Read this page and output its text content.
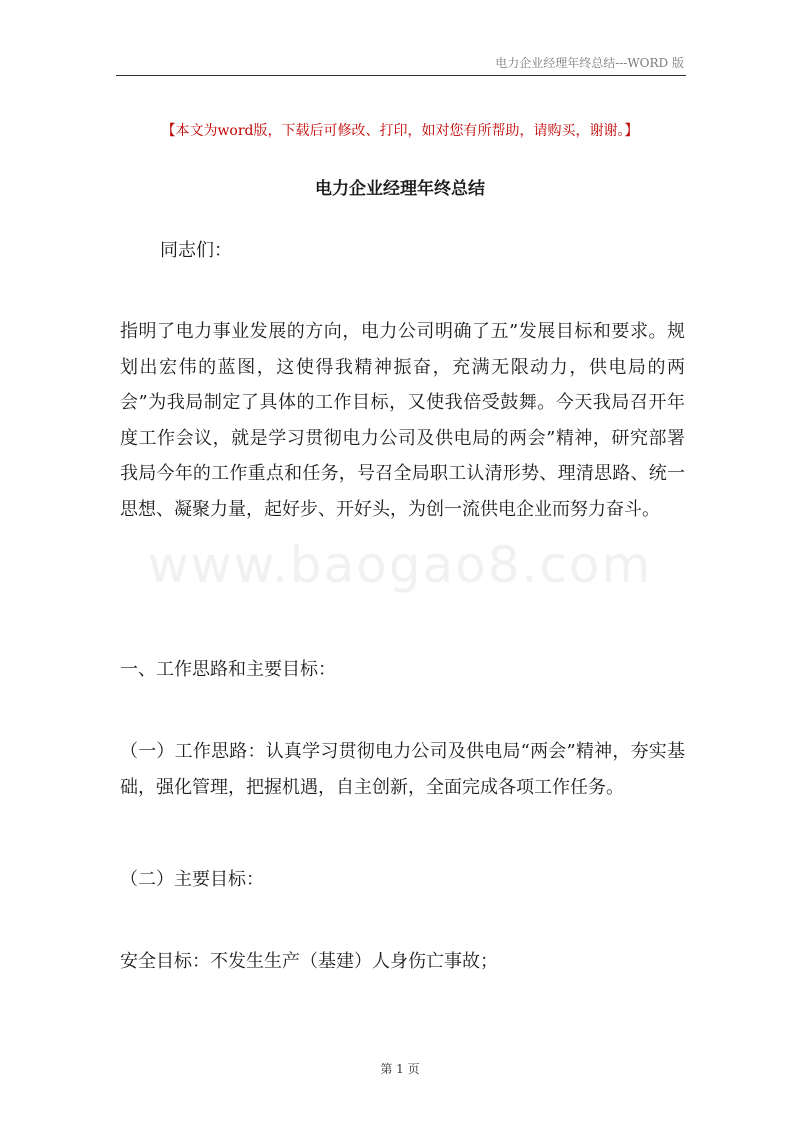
电力企业经理年终总结---WORD 版
【本文为word版，下载后可修改、打印，如对您有所帮助，请购买，谢谢。】
电力企业经理年终总结
同志们：
指明了电力事业发展的方向，电力公司明确了五”发展目标和要求。规划出宏伟的蓝图，这使得我精神振奋，充满无限动力，供电局的两会”为我局制定了具体的工作目标，又使我倍受鼓舞。今天我局召开年度工作会议，就是学习贯彻电力公司及供电局的两会”精神，研究部署我局今年的工作重点和任务，号召全局职工认清形势、理清思路、统一思想、凝聚力量，起好步、开好头，为创一流供电企业而努力奋斗。
一、工作思路和主要目标：
（一）工作思路：认真学习贯彻电力公司及供电局“两会”精神，夯实基础，强化管理，把握机遇，自主创新，全面完成各项工作任务。
（二）主要目标：
安全目标：不发生生产（基建）人身伤亡事故；
www.baogao8.com
第 1 页
